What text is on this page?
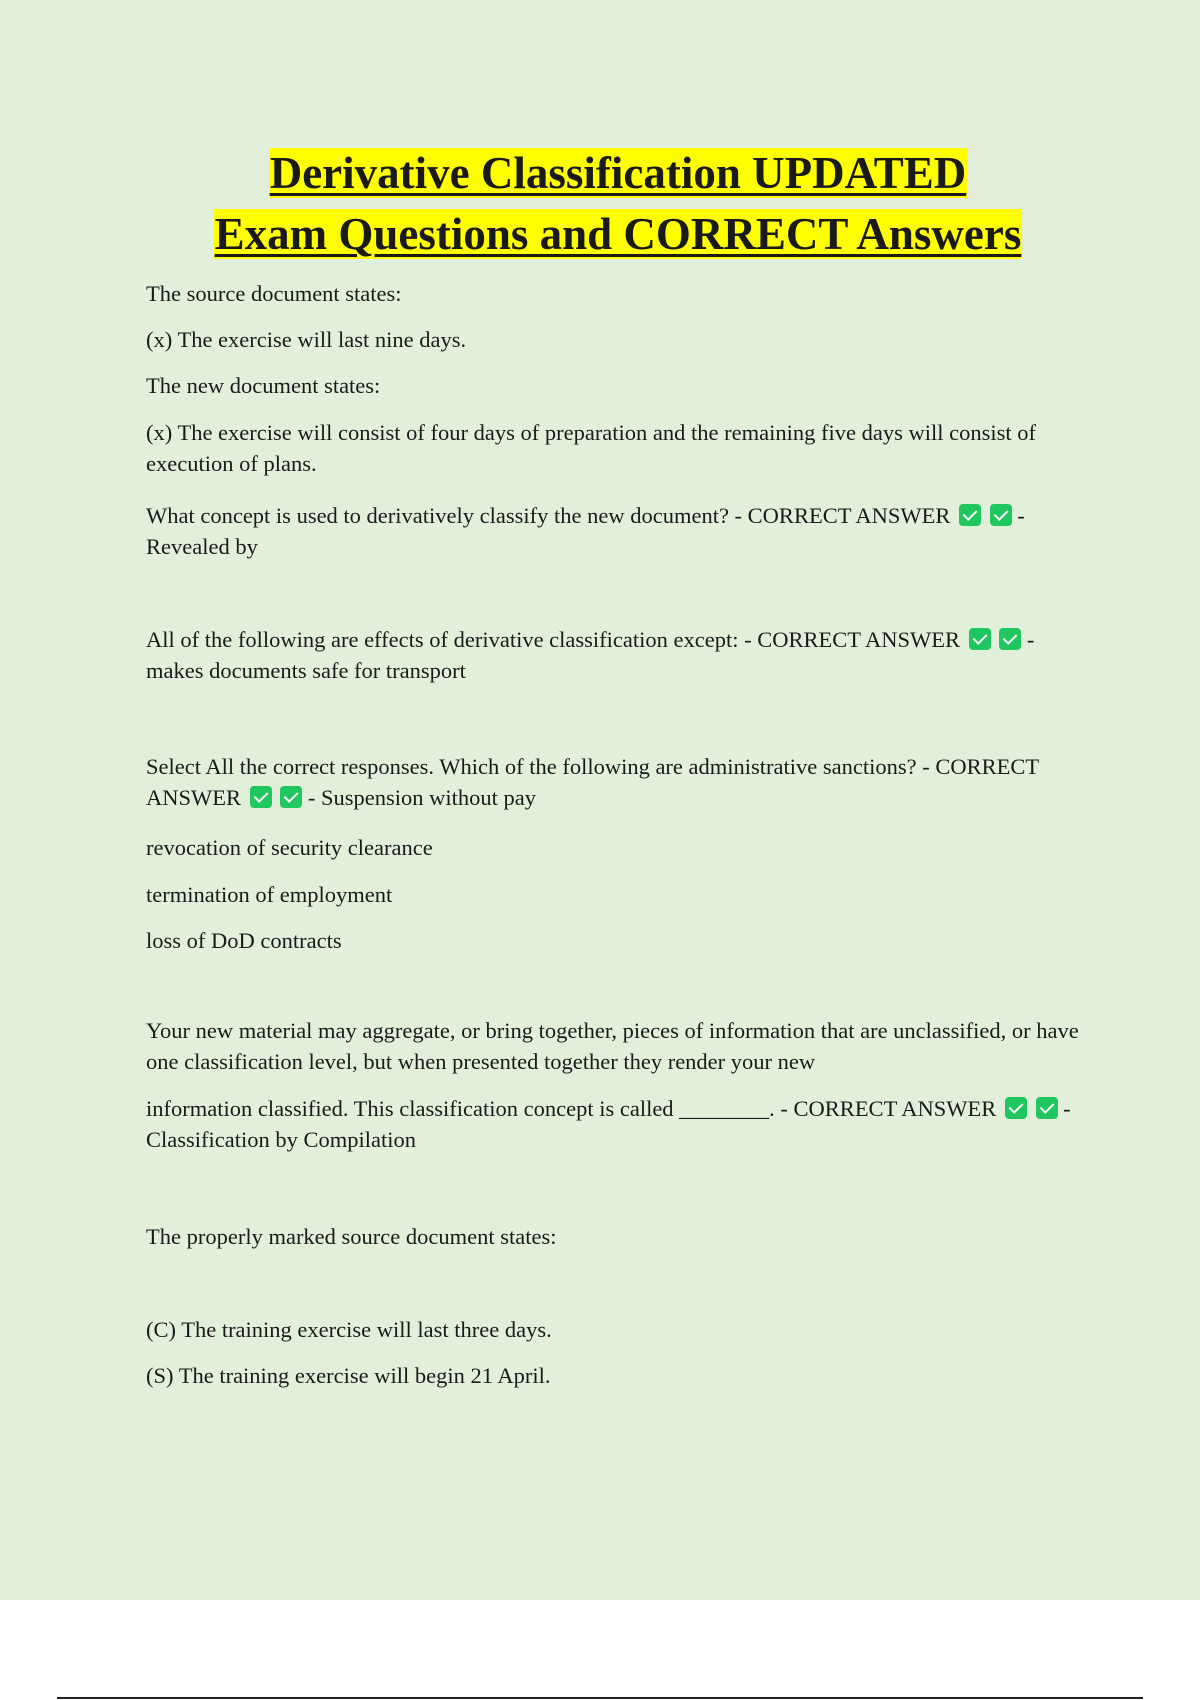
Derivative Classification UPDATED
Exam Questions and CORRECT Answers

The source document states:

(x) The exercise will last nine days.

The new document states:

(x) The exercise will consist of four days of preparation and the remaining five days will consist of execution of plans.

What concept is used to derivatively classify the new document? - CORRECT ANSWER	- Revealed by

All of the following are effects of derivative classification except: - CORRECT ANSWER	- makes documents safe for transport

Select All the correct responses. Which of the following are administrative sanctions? - CORRECT ANSWER	- Suspension without pay

revocation of security clearance

termination of employment

loss of DoD contracts

Your new material may aggregate, or bring together, pieces of information that are unclassified, or have one classification level, but when presented together they render your new

information classified. This classification concept is called ________. - CORRECT ANSWER	- Classification by Compilation

The properly marked source document states:

(C) The training exercise will last three days.

(S) The training exercise will begin 21 April.
